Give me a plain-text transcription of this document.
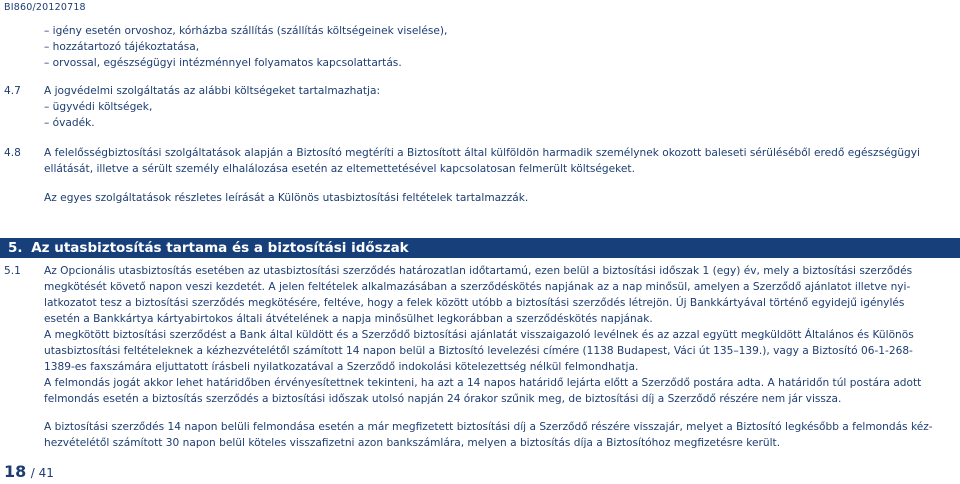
BI860/20120718
– igény esetén orvoshoz, kórházba szállítás (szállítás költségeinek viselése),
– hozzátartozó tájékoztatása,
– orvossal, egészségügyi intézménnyel folyamatos kapcsolattartás.
4.7 A jogvédelmi szolgáltatás az alábbi költségeket tartalmazhatja:
– ügyvédi költségek,
– óvadék.
4.8 A felelősségbiztosítási szolgáltatások alapján a Biztosító megtéríti a Biztosított által külföldön harmadik személynek okozott baleseti sérüléséből eredő egészségügyi
ellátását, illetve a sérült személy elhalálozása esetén az eltemettetésével kapcsolatosan felmerült költségeket.
Az egyes szolgáltatások részletes leírását a Különös utasbiztosítási feltételek tartalmazzák.
5. Az utasbiztosítás tartama és a biztosítási időszak
5.1 Az Opcionális utasbiztosítás esetében az utasbiztosítási szerződés határozatlan időtartamú, ezen belül a biztosítási időszak 1 (egy) év, mely a biztosítási szerződés
megkötését követő napon veszi kezdetét. A jelen feltételek alkalmazásában a szerződéskötés napjának az a nap minősül, amelyen a Szerződő ajánlatot illetve nyi-
latkozatot tesz a biztosítási szerződés megkötésére, feltéve, hogy a felek között utóbb a biztosítási szerződés létrejön. Új Bankkártyával történő egyidejű igénylés
esetén a Bankkártya kártyabirtokos általi átvételének a napja minősülhet legkorábban a szerződéskötés napjának.
A megkötött biztosítási szerződést a Bank által küldött és a Szerződő biztosítási ajánlatát visszaigazoló levélnek és az azzal együtt megküldött Általános és Különös
utasbiztosítási feltételeknek a kézhezvételétől számított 14 napon belül a Biztosító levelezési címére (1138 Budapest, Váci út 135–139.), vagy a Biztosító 06-1-268-
1389-es faxszámára eljuttatott írásbeli nyilatkozatával a Szerződő indokolási kötelezettség nélkül felmondhatja.
A felmondás jogát akkor lehet határidőben érvényesítettnek tekinteni, ha azt a 14 napos határidő lejárta előtt a Szerződő postára adta. A határidőn túl postára adott
felmondás esetén a biztosítás szerződés a biztosítási időszak utolsó napján 24 órakor szűnik meg, de biztosítási díj a Szerződő részére nem jár vissza.
A biztosítási szerződés 14 napon belüli felmondása esetén a már megfizetett biztosítási díj a Szerződő részére visszajár, melyet a Biztosító legkésőbb a felmondás kéz-
hezvételétől számított 30 napon belül köteles visszafizetni azon bankszámlára, melyen a biztosítás díja a Biztosítóhoz megfizetésre került.
18 / 41
